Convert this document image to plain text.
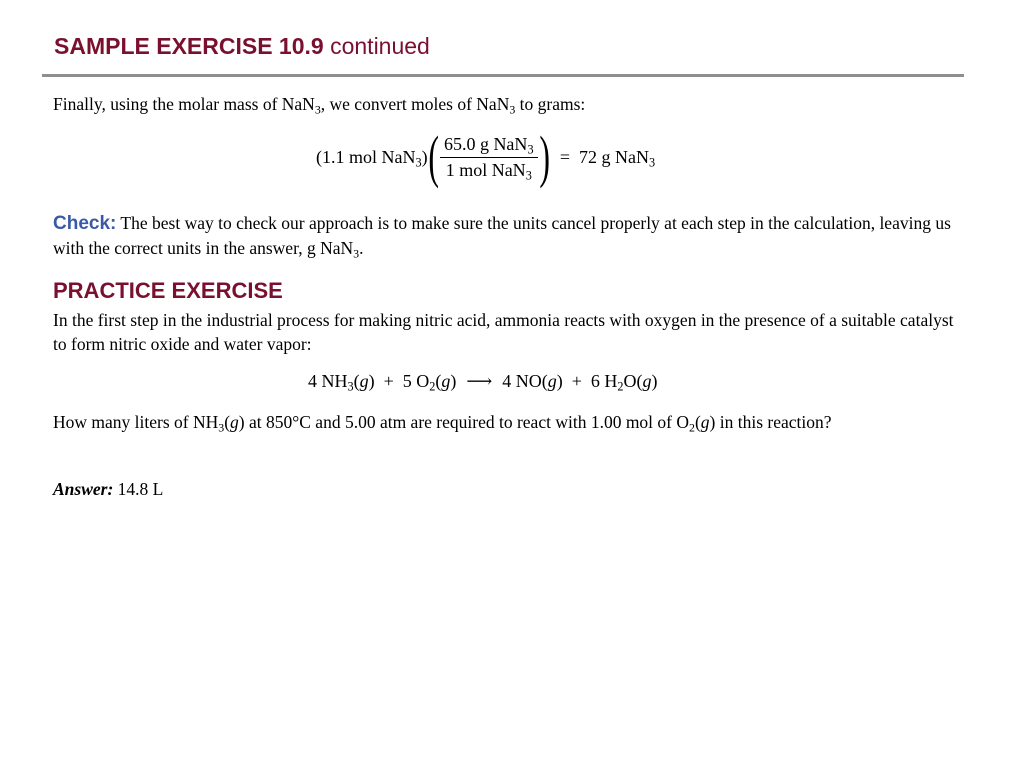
SAMPLE EXERCISE 10.9 continued

Finally, using the molar mass of NaN$_3$, we convert moles of NaN$_3$ to grams:

(1.1 mol NaN$_3$) ( $\frac{65.0 g NaN_3}{1 mol NaN_3}$ ) = 72 g NaN$_3$

Check: The best way to check our approach is to make sure the units cancel properly at each step in the calculation, leaving us with the correct units in the answer, g NaN$_3$.

PRACTICE EXERCISE

In the first step in the industrial process for making nitric acid, ammonia reacts with oxygen in the presence of a suitable catalyst to form nitric oxide and water vapor:

4 $NH_3(g) + 5$ $O_2(g)$ ⟶ 4 NO(g)  +  6 $H_2O(g)$

How many liters of $NH_3(g)$ at 850°C and 5.00 atm are required to react with 1.00 mol of $O_2(g)$ in this reaction?

Answer: 14.8 L
